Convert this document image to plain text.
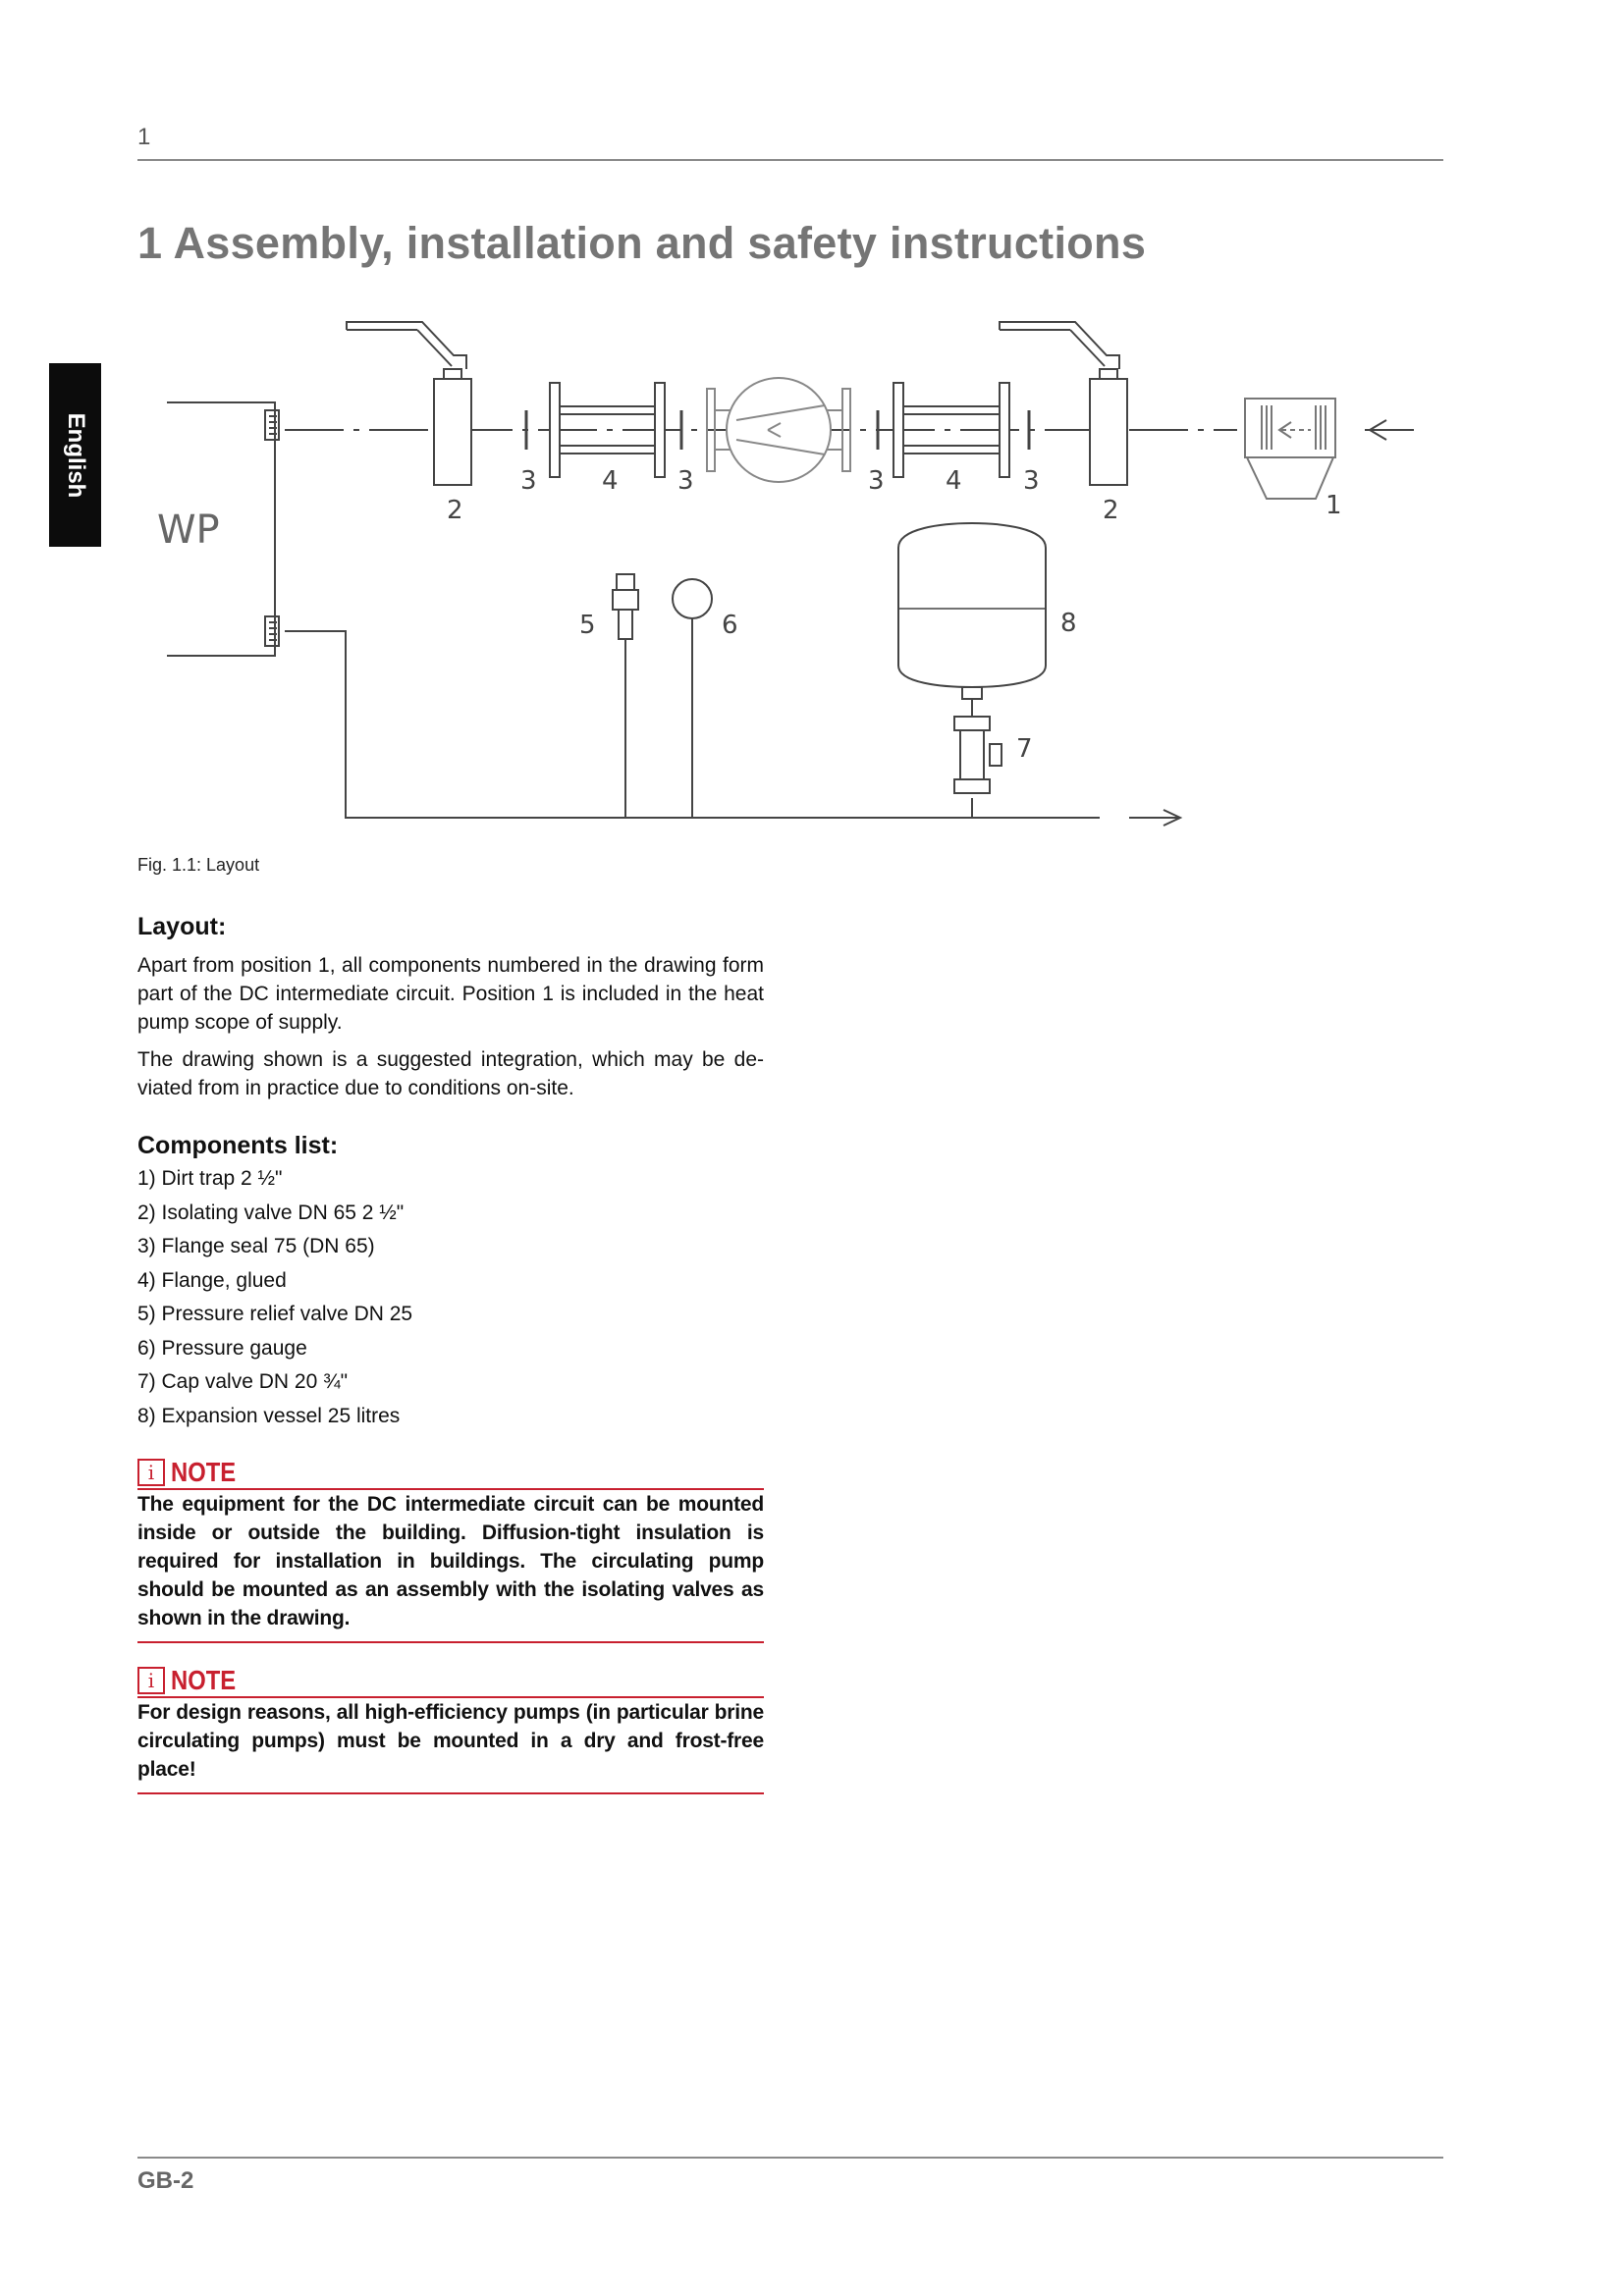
1
1 Assembly, installation and safety instructions
English
WP	2
3	4 3	3 4 3
2	1
5	6	8
7
Fig. 1.1: Layout
Layout:

Apart from position 1, all components numbered in the drawing form part of the DC intermediate circuit. Position 1 is included in the heat pump scope of supply.

The drawing shown is a suggested integration, which may be de-viated from in practice due to conditions on-site.

Components list:
1) Dirt trap 2 ½"
2) Isolating valve DN 65 2 ½"
3) Flange seal 75 (DN 65)
4) Flange, glued
5) Pressure relief valve DN 25
6) Pressure gauge
7) Cap valve DN 20 ¾"
8) Expansion vessel 25 litres
i NOTE

The equipment for the DC intermediate circuit can be mounted inside or outside the building. Diffusion-tight insulation is required for installation in buildings. The circulating pump should be mounted as an assembly with the isolating valves as shown in the drawing.

i NOTE

For design reasons, all high-efficiency pumps (in particular brine circulating pumps) must be mounted in a dry and frost-free place!

GB-2
